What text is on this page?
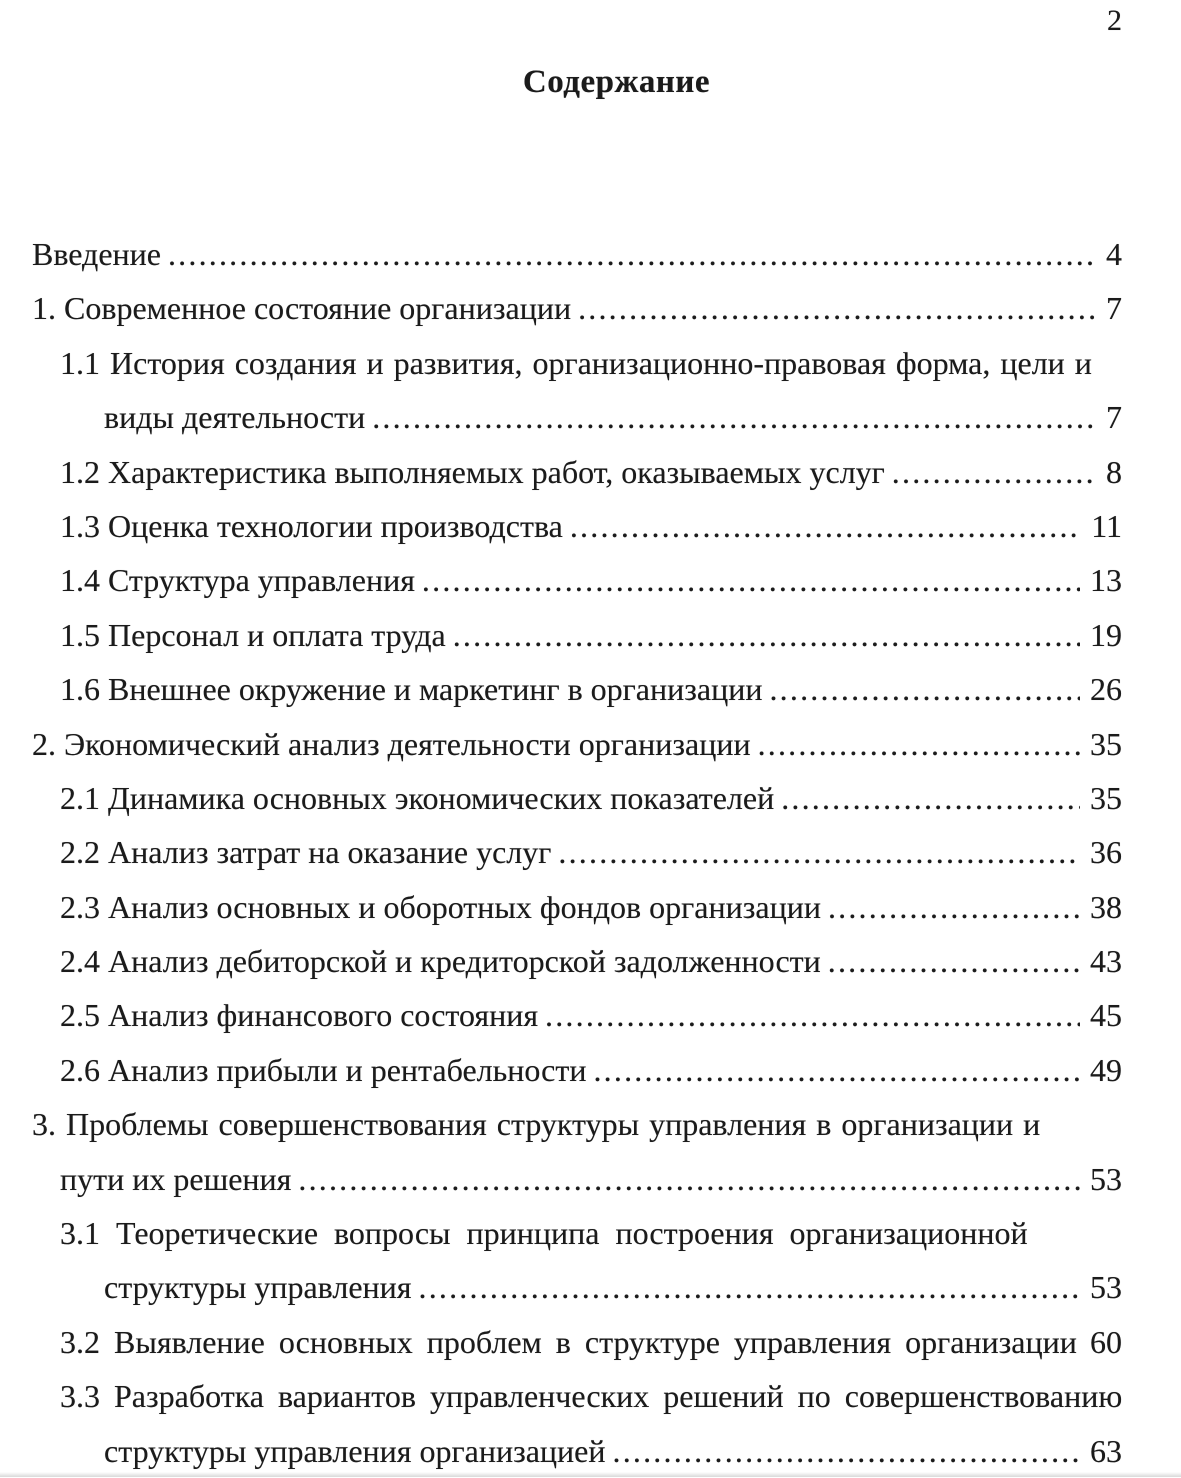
2
Содержание
Введение .....	4
1. Современное состояние организации .....	7
1.1 История создания и развития, организационно-правовая форма, цели и
виды деятельности .....	7
1.2 Характеристика выполняемых работ, оказываемых услуг .....	8
1.3 Оценка технологии производства .....	11
1.4 Структура управления .....	13
1.5 Персонал и оплата труда .....	19
1.6 Внешнее окружение и маркетинг в организации .....	26
2. Экономический анализ деятельности организации .....	35
2.1 Динамика основных экономических показателей .....	35
2.2 Анализ затрат на оказание услуг .....	36
2.3 Анализ основных и оборотных фондов организации .....	38
2.4 Анализ дебиторской и кредиторской задолженности .....	43
2.5 Анализ финансового состояния .....	45
2.6 Анализ прибыли и рентабельности .....	49
3. Проблемы совершенствования структуры управления в организации и
пути их решения .....	53
3.1 Теоретические вопросы принципа построения организационной
структуры управления .....	53
3.2 Выявление основных проблем в структуре управления организации ..... 60
3.3 Разработка вариантов управленческих решений по совершенствованию
структуры управления организацией .....	63
